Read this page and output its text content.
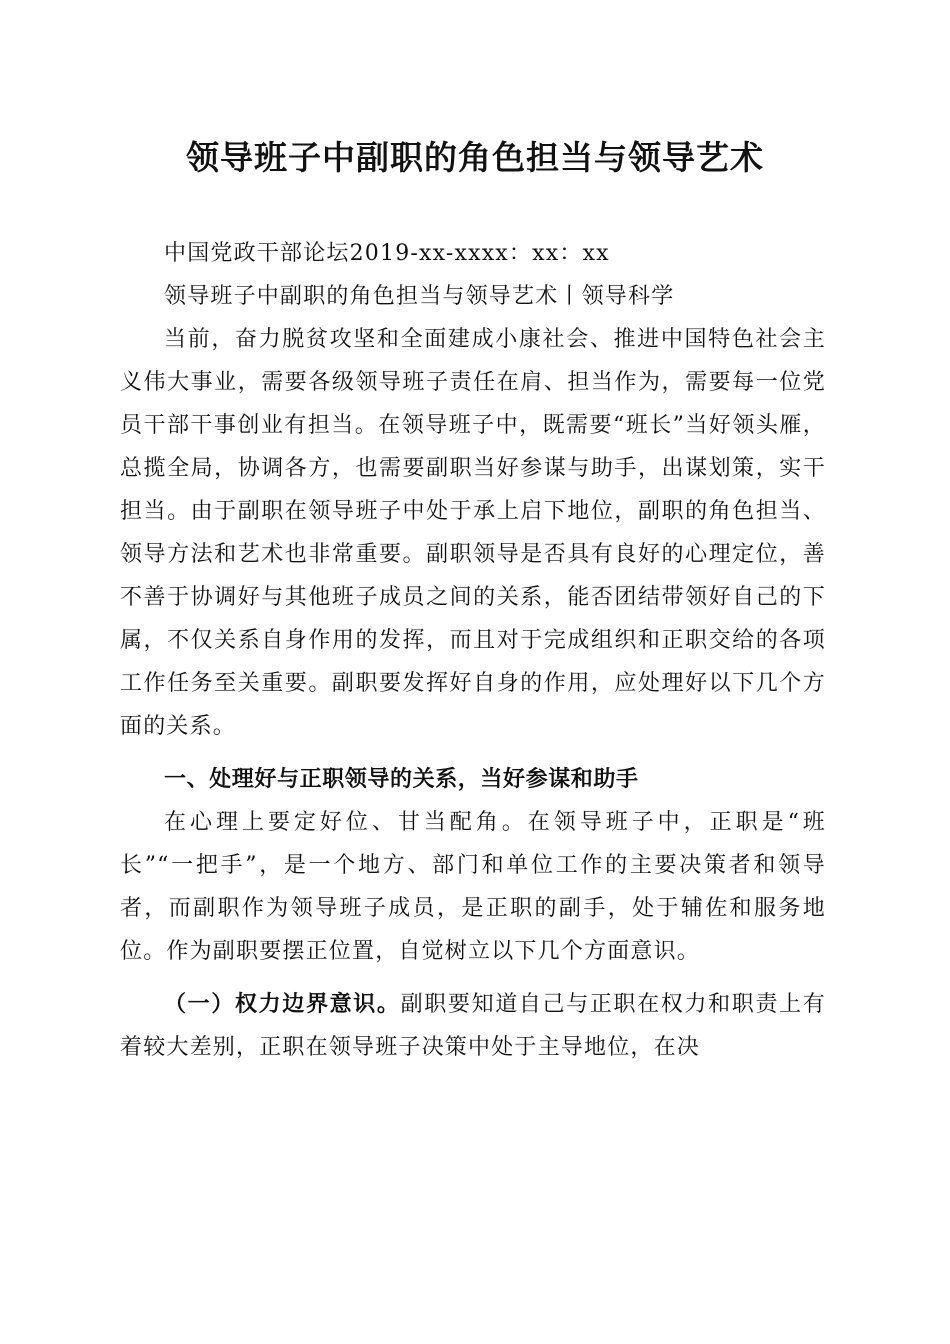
领导班子中副职的角色担当与领导艺术

中国党政干部论坛2019-xx-xxxx：xx：xx

领导班子中副职的角色担当与领导艺术丨领导科学

当前，奋力脱贫攻坚和全面建成小康社会、推进中国特色社会主义伟大事业，需要各级领导班子责任在肩、担当作为，需要每一位党员干部干事创业有担当。在领导班子中，既需要“班长”当好领头雁，总揽全局，协调各方，也需要副职当好参谋与助手，出谋划策，实干担当。由于副职在领导班子中处于承上启下地位，副职的角色担当、领导方法和艺术也非常重要。副职领导是否具有良好的心理定位，善不善于协调好与其他班子成员之间的关系，能否团结带领好自己的下属，不仅关系自身作用的发挥，而且对于完成组织和正职交给的各项工作任务至关重要。副职要发挥好自身的作用，应处理好以下几个方面的关系。

一、处理好与正职领导的关系，当好参谋和助手

在心理上要定好位、甘当配角。在领导班子中，正职是“班长”“一把手”，是一个地方、部门和单位工作的主要决策者和领导者，而副职作为领导班子成员，是正职的副手，处于辅佐和服务地位。作为副职要摆正位置，自觉树立以下几个方面意识。

（一）权力边界意识。副职要知道自己与正职在权力和职责上有着较大差别，正职在领导班子决策中处于主导地位，在决
